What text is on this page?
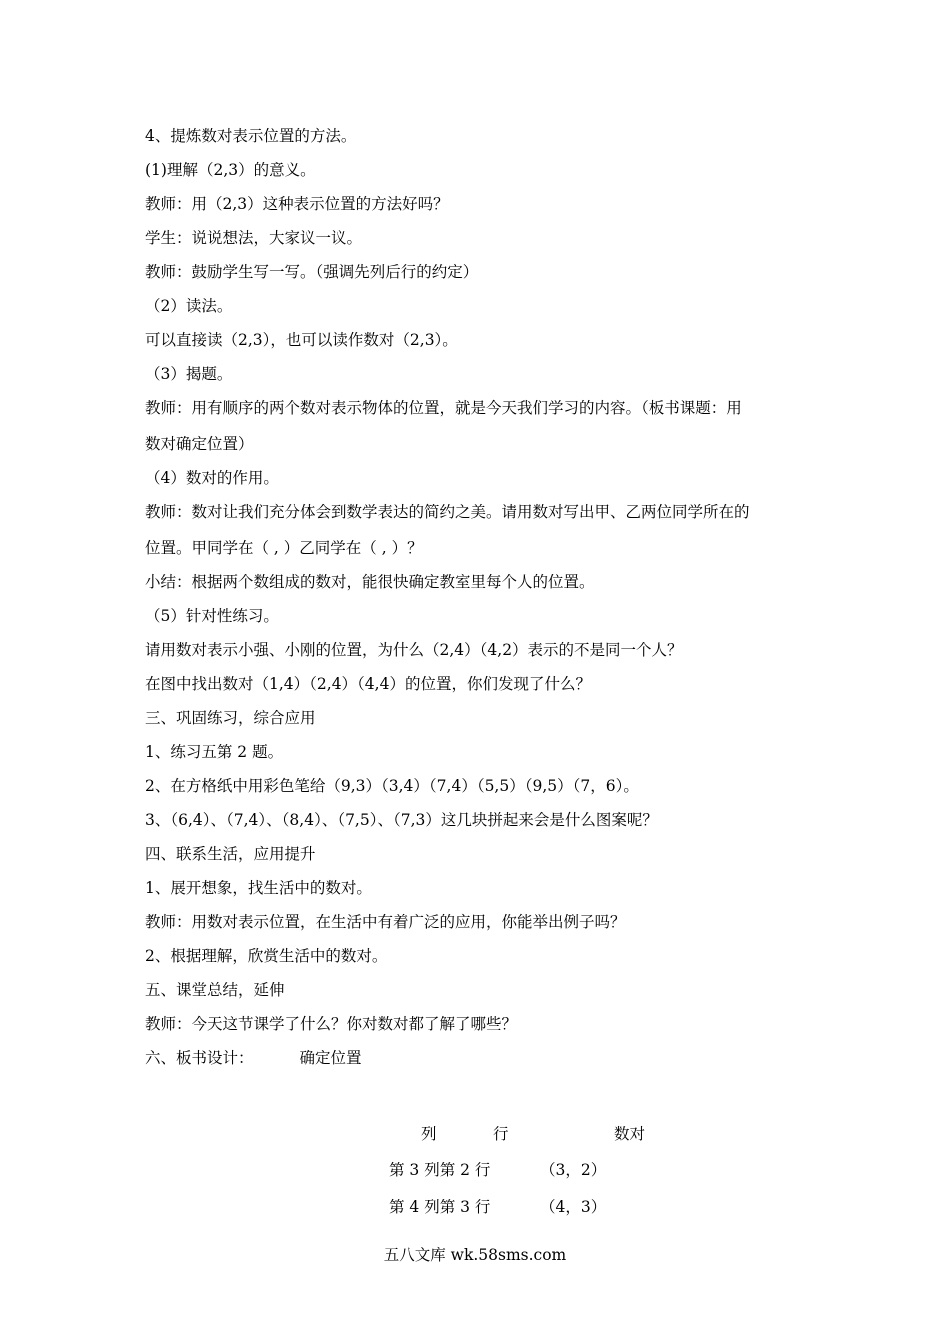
4、提炼数对表示位置的方法。
(1)理解（2,3）的意义。
教师：用（2,3）这种表示位置的方法好吗？
学生：说说想法，大家议一议。
教师：鼓励学生写一写。（强调先列后行的约定）
（2）读法。
可以直接读（2,3），也可以读作数对（2,3）。
（3）揭题。
教师：用有顺序的两个数对表示物体的位置，就是今天我们学习的内容。（板书课题：用
数对确定位置）
（4）数对的作用。
教师：数对让我们充分体会到数学表达的简约之美。请用数对写出甲、乙两位同学所在的
位置。甲同学在（ , ）乙同学在（ , ）？
小结：根据两个数组成的数对，能很快确定教室里每个人的位置。
（5）针对性练习。
请用数对表示小强、小刚的位置，为什么（2,4）（4,2）表示的不是同一个人？
在图中找出数对（1,4）（2,4）（4,4）的位置，你们发现了什么？
三、巩固练习，综合应用
1、练习五第 2 题。
2、在方格纸中用彩色笔给（9,3）（3,4）（7,4）（5,5）（9,5）（7，6）。
3、（6,4）、（7,4）、（8,4）、（7,5）、（7,3）这几块拼起来会是什么图案呢？
四、联系生活，应用提升
1、展开想象，找生活中的数对。
教师：用数对表示位置，在生活中有着广泛的应用，你能举出例子吗？
2、根据理解，欣赏生活中的数对。
五、课堂总结，延伸
教师：今天这节课学了什么？你对数对都了解了哪些？
六、板书设计：	确定位置
列	行	数对
第 3 列第 2 行	（3，2）
第 4 列第 3 行	（4，3）
五八文库 wk.58sms.com
